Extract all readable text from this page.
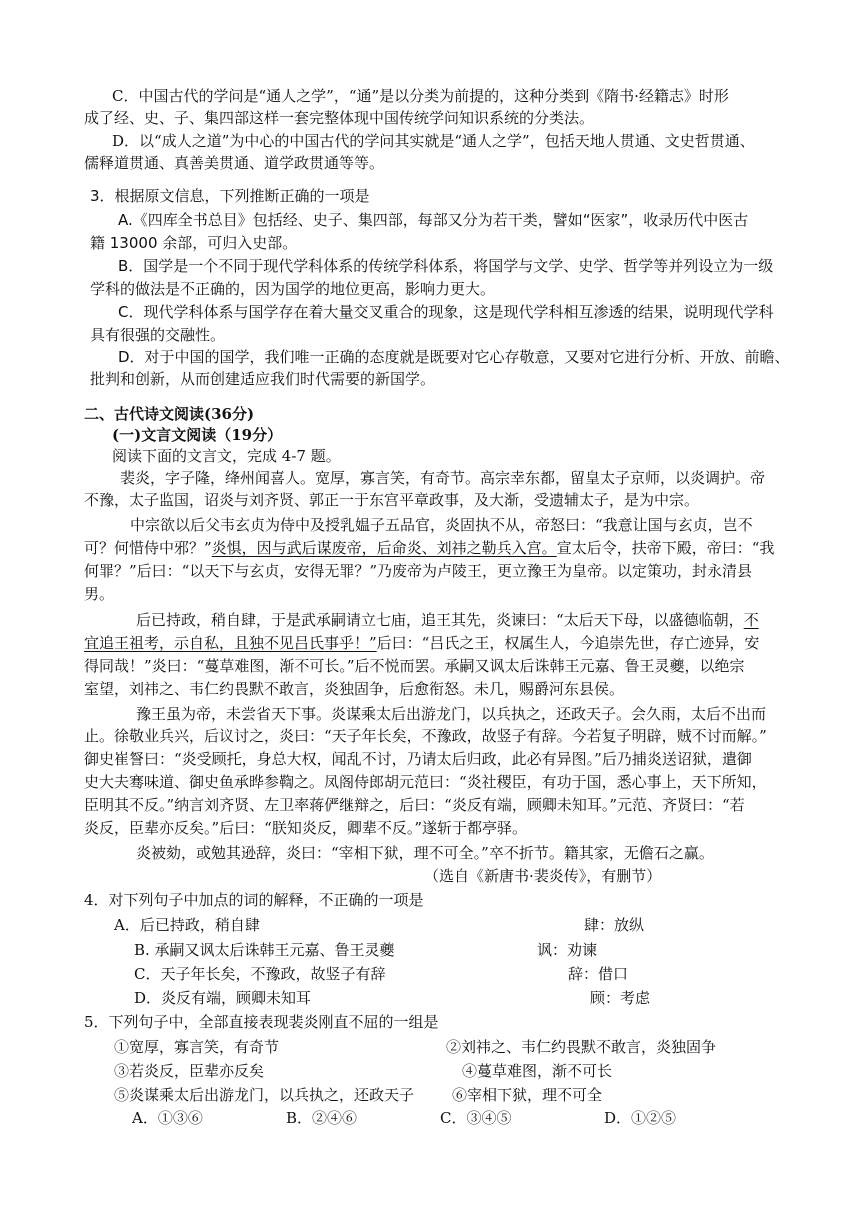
C．中国古代的学问是“通人之学”，“通”是以分类为前提的，这种分类到《隋书·经籍志》时形
成了经、史、子、集四部这样一套完整体现中国传统学问知识系统的分类法。
D．以“成人之道”为中心的中国古代的学问其实就是“通人之学”，包括天地人贯通、文史哲贯通、
儒释道贯通、真善美贯通、道学政贯通等等。
3．根据原文信息，下列推断正确的一项是
A.《四库全书总目》包括经、史子、集四部，每部又分为若干类，譬如“医家”，收录历代中医古
籍 13000 余部，可归入史部。
B．国学是一个不同于现代学科体系的传统学科体系，将国学与文学、史学、哲学等并列设立为一级
学科的做法是不正确的，因为国学的地位更高，影响力更大。
C．现代学科体系与国学存在着大量交叉重合的现象，这是现代学科相互渗透的结果，说明现代学科
具有很强的交融性。
D．对于中国的国学，我们唯一正确的态度就是既要对它心存敬意，又要对它进行分析、开放、前瞻、
批判和创新，从而创建适应我们时代需要的新国学。
二、古代诗文阅读(36分)
(一)文言文阅读（19分）
阅读下面的文言文，完成 4-7 题。
裴炎，字子隆，绛州闻喜人。宽厚，寡言笑，有奇节。高宗幸东都，留皇太子京师，以炎调护。帝
不豫，太子监国，诏炎与刘齐贤、郭正一于东宫平章政事，及大渐，受遗辅太子，是为中宗。
中宗欲以后父韦玄贞为侍中及授乳媪子五品官，炎固执不从，帝怒曰：“我意让国与玄贞，岂不
可？何惜侍中邪？”炎惧，因与武后谋废帝，后命炎、刘祎之勒兵入宫。宣太后令，扶帝下殿，帝曰：“我
何罪？”后曰：“以天下与玄贞，安得无罪？”乃废帝为卢陵王，更立豫王为皇帝。以定策功，封永清县
男。
后已持政，稍自肆，于是武承嗣请立七庙，追王其先，炎谏曰：“太后天下母，以盛德临朝，不
宜追王祖考，示自私，且独不见吕氏事乎！”后曰：“吕氏之王，权属生人，今追崇先世，存亡迹异，安
得同哉！”炎曰：“蔓草难图，渐不可长。”后不悦而罢。承嗣又讽太后诛韩王元嘉、鲁王灵夔，以绝宗
室望，刘祎之、韦仁约畏默不敢言，炎独固争，后愈衔怒。未几，赐爵河东县侯。
豫王虽为帝，未尝省天下事。炎谋乘太后出游龙门，以兵执之，还政天子。会久雨，太后不出而
止。徐敬业兵兴，后议讨之，炎曰：“天子年长矣，不豫政，故竖子有辞。今若复子明辟，贼不讨而解。”
御史崔詧曰：“炎受顾托，身总大权，闻乱不讨，乃请太后归政，此必有异图。”后乃捕炎送诏狱，遣御
史大夫骞味道、御史鱼承晔参鞫之。凤阁侍郎胡元范曰：“炎社稷臣，有功于国，悉心事上，天下所知，
臣明其不反。”纳言刘齐贤、左卫率蒋俨继辩之，后曰：“炎反有端，顾卿未知耳。”元范、齐贤曰：“若
炎反，臣辈亦反矣。”后曰：“朕知炎反，卿辈不反。”遂斩于都亭驿。
炎被劾，或勉其逊辞，炎曰：“宰相下狱，理不可全。”卒不折节。籍其家，无儋石之赢。
（选自《新唐书·裴炎传》，有删节）
4．对下列句子中加点的词的解释，不正确的一项是
A．后已持政，稍自肆	肆：放纵
B. 承嗣又讽太后诛韩王元嘉、鲁王灵夔	讽：劝谏
C．天子年长矣，不豫政，故竖子有辞	辞：借口
D．炎反有端，顾卿未知耳	顾：考虑
5．下列句子中，全部直接表现裴炎刚直不屈的一组是
①宽厚，寡言笑，有奇节	②刘祎之、韦仁约畏默不敢言，炎独固争
③若炎反，臣辈亦反矣	④蔓草难图，渐不可长
⑤炎谋乘太后出游龙门，以兵执之，还政天子	⑥宰相下狱，理不可全
A．①③⑥	B．②④⑥	C．③④⑤	D．①②⑤
